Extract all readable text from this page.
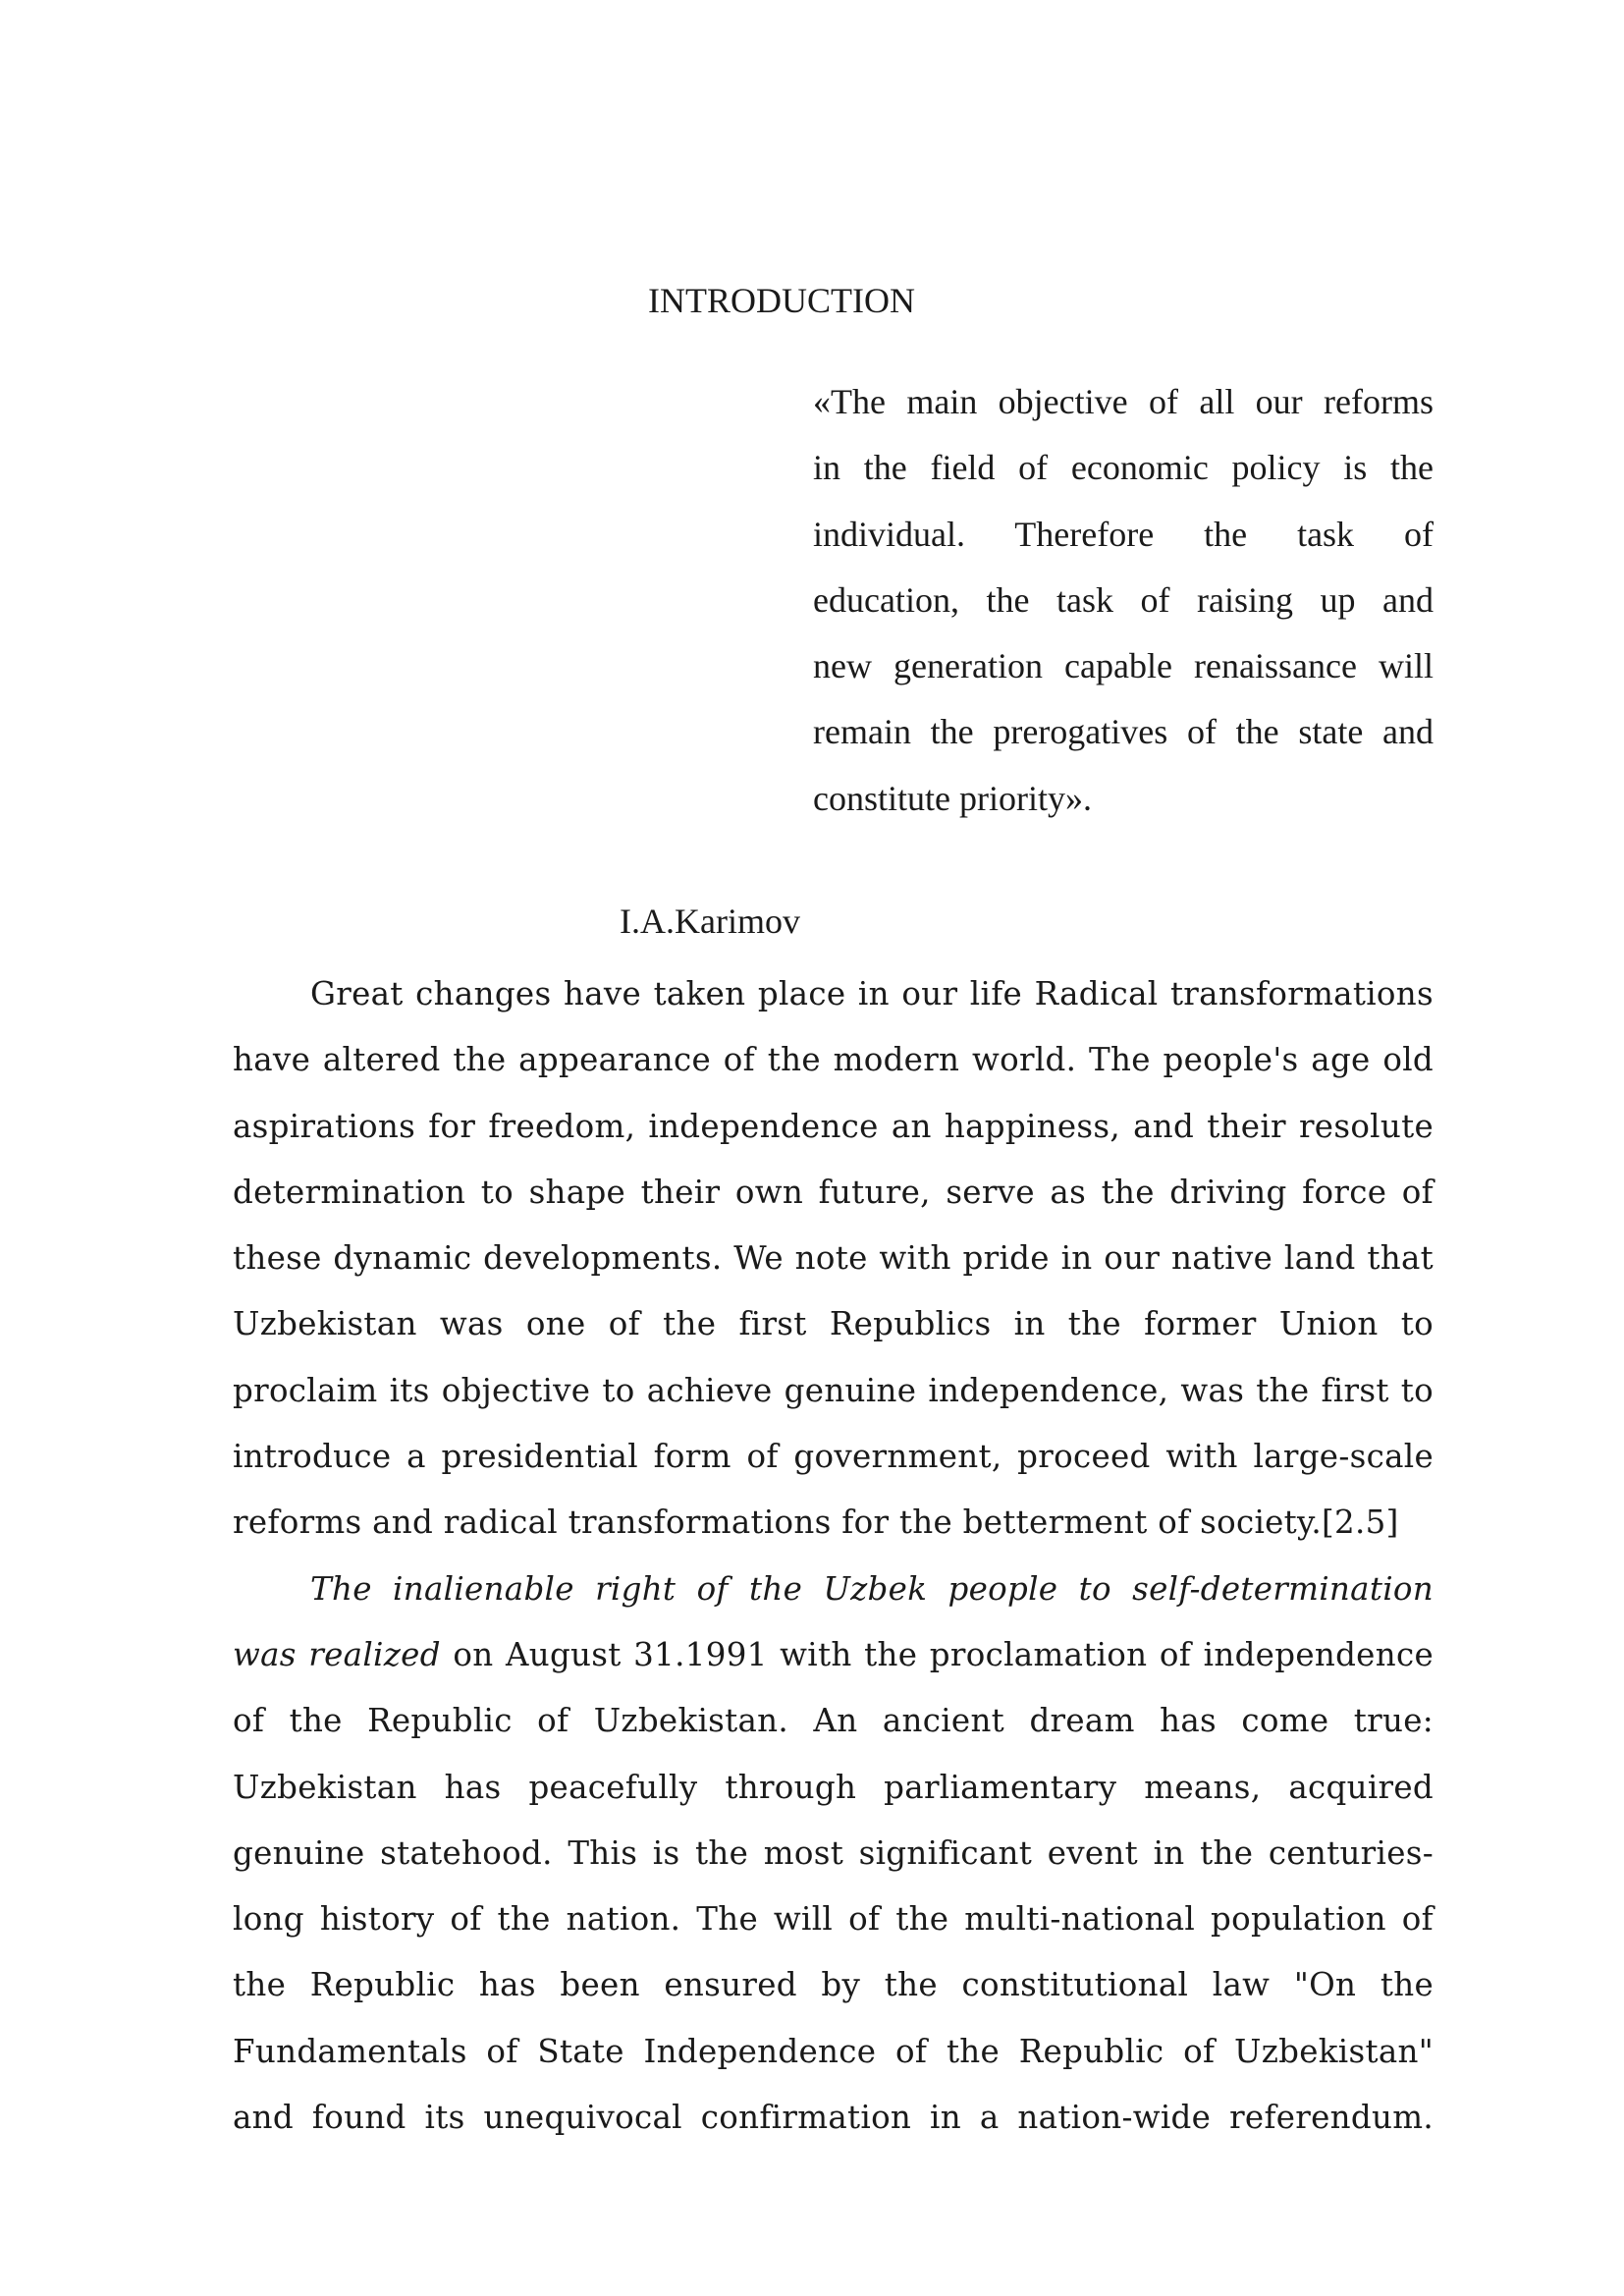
INTRODUCTION
«The main objective of all our reforms
in the field of economic policy is the
individual. Therefore the task of
education, the task of raising up and
new generation capable renaissance will
remain the prerogatives of the state and
constitute priority».
I.A.Karimov
Great changes have taken place in our life Radical transformations
have altered the appearance of the modern world. The people's age old
aspirations for freedom, independence an happiness, and their resolute
determination to shape their own future, serve as the driving force of
these dynamic developments. We note with pride in our native land that
Uzbekistan was one of the first Republics in the former Union to
proclaim its objective to achieve genuine independence, was the first to
introduce a presidential form of government, proceed with large-scale
reforms and radical transformations for the betterment of society.[2.5]
The inalienable right of the Uzbek people to self-determination
was realized on August 31.1991 with the proclamation of independence
of the Republic of Uzbekistan. An ancient dream has come true:
Uzbekistan has peacefully through parliamentary means, acquired
genuine statehood. This is the most significant event in the centuries-
long history of the nation. The will of the multi-national population of
the Republic has been ensured by the constitutional law "On the
Fundamentals of State Independence of the Republic of Uzbekistan"
and found its unequivocal confirmation in a nation-wide referendum.
